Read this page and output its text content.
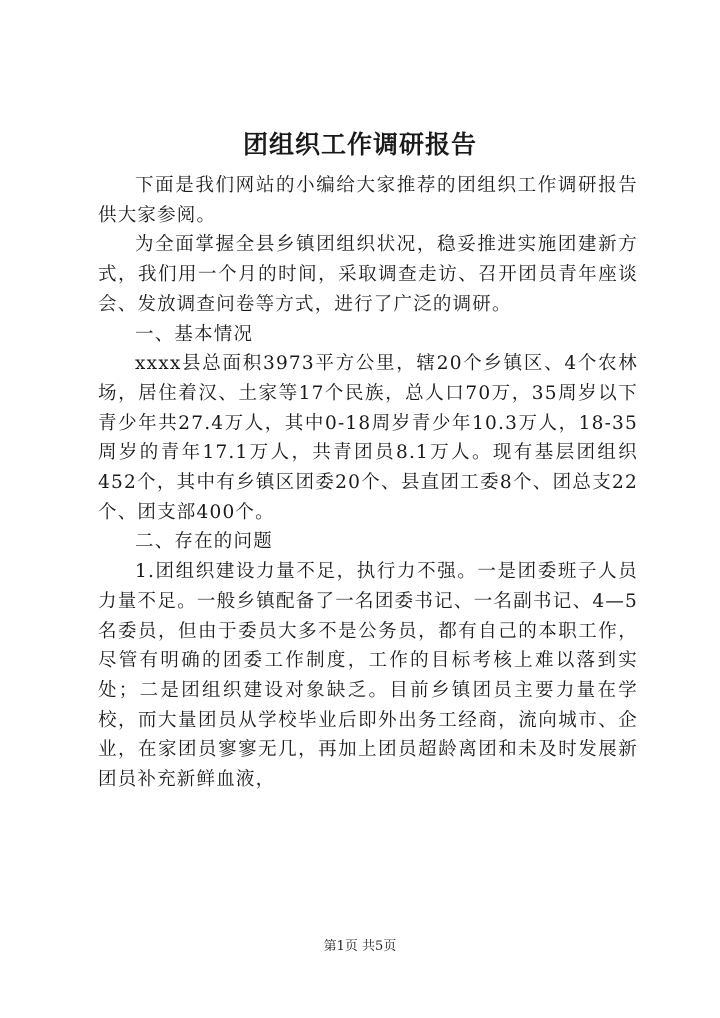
团组织工作调研报告

下面是我们网站的小编给大家推荐的团组织工作调研报告供大家参阅。

为全面掌握全县乡镇团组织状况，稳妥推进实施团建新方式，我们用一个月的时间，采取调查走访、召开团员青年座谈会、发放调查问卷等方式，进行了广泛的调研。

一、基本情况

xxxx县总面积3973平方公里，辖20个乡镇区、4个农林场，居住着汉、土家等17个民族，总人口70万，35周岁以下青少年共27.4万人，其中0-18周岁青少年10.3万人，18-35周岁的青年17.1万人，共青团员8.1万人。现有基层团组织452个，其中有乡镇区团委20个、县直团工委8个、团总支22个、团支部400个。

二、存在的问题

1.团组织建设力量不足，执行力不强。一是团委班子人员力量不足。一般乡镇配备了一名团委书记、一名副书记、4—5名委员，但由于委员大多不是公务员，都有自己的本职工作，尽管有明确的团委工作制度，工作的目标考核上难以落到实处；二是团组织建设对象缺乏。目前乡镇团员主要力量在学校，而大量团员从学校毕业后即外出务工经商，流向城市、企业，在家团员寥寥无几，再加上团员超龄离团和未及时发展新团员补充新鲜血液，

第1页 共5页
